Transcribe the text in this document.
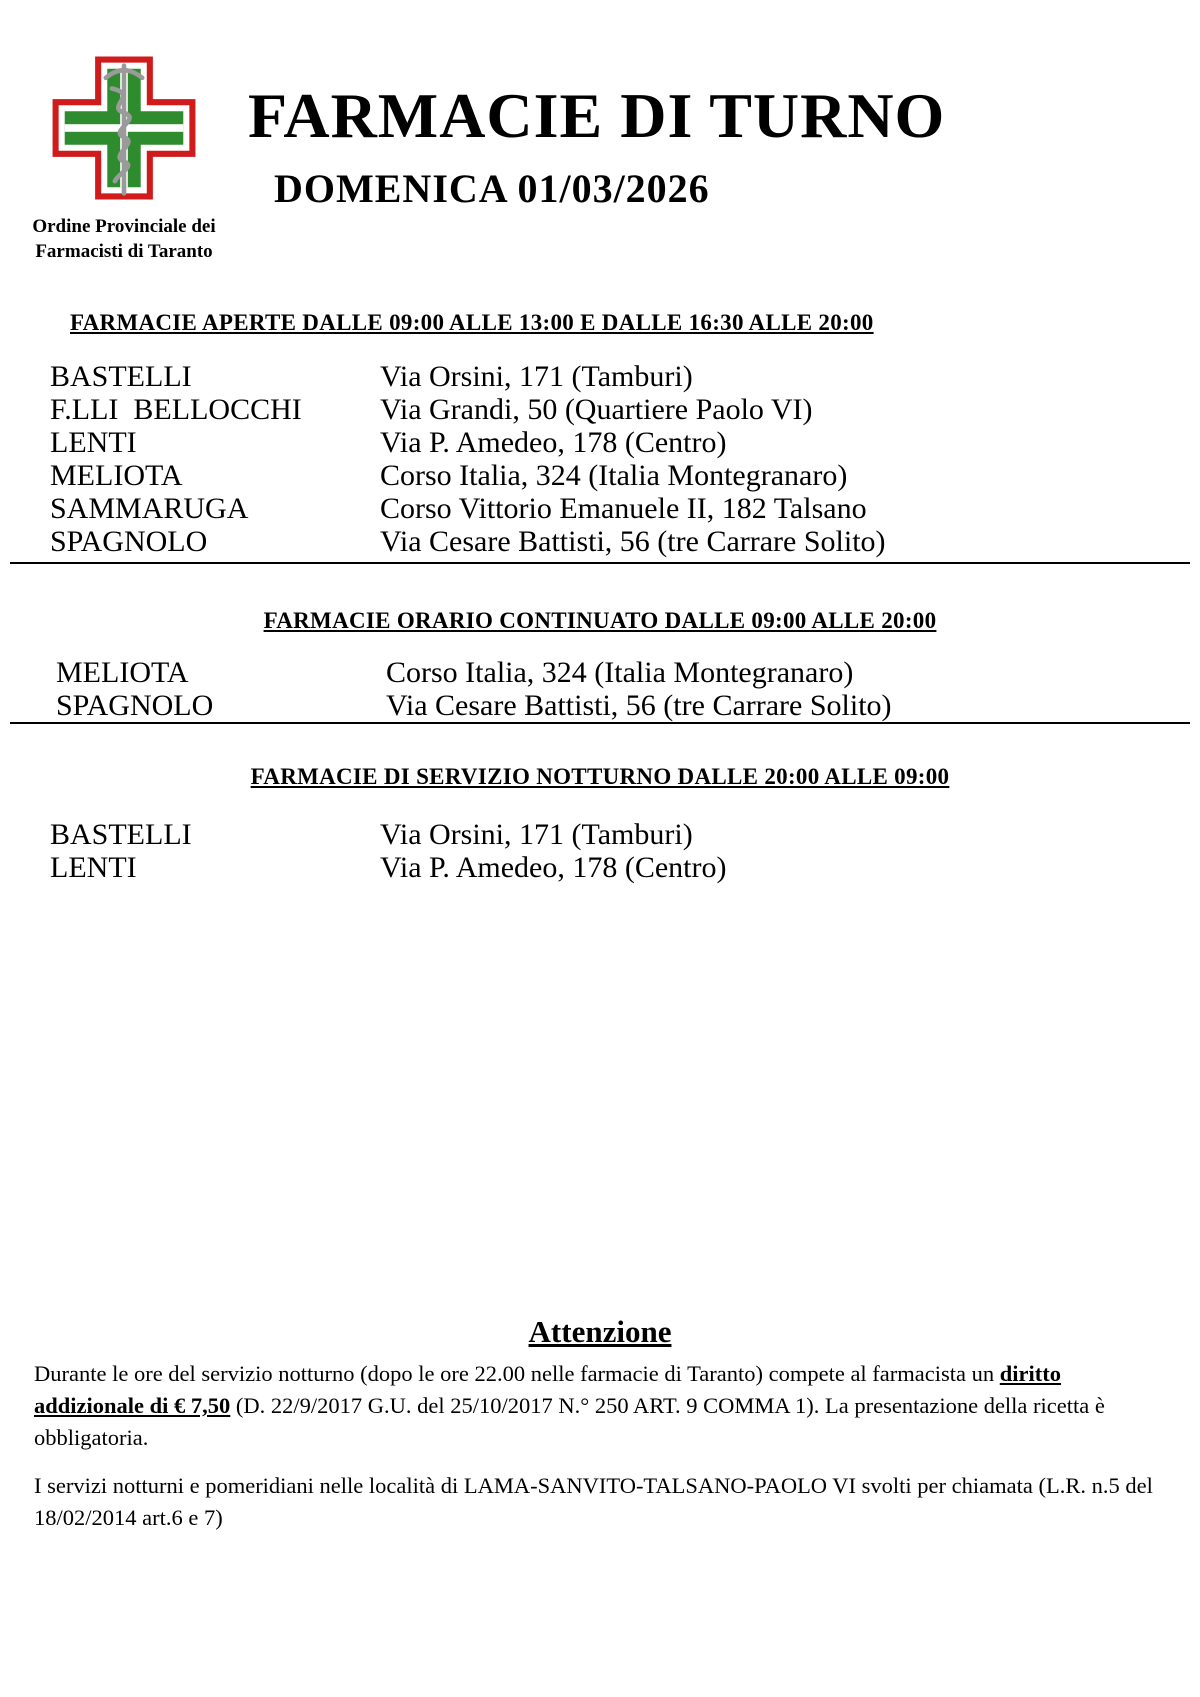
Ordine Provinciale dei Farmacisti di Taranto
FARMACIE DI TURNO
DOMENICA 01/03/2026
FARMACIE APERTE DALLE 09:00 ALLE 13:00 E DALLE 16:30 ALLE 20:00
BASTELLI	Via Orsini, 171 (Tamburi)
F.LLI  BELLOCCHI	Via Grandi, 50 (Quartiere Paolo VI)
LENTI	Via P. Amedeo, 178 (Centro)
MELIOTA	Corso Italia, 324 (Italia Montegranaro)
SAMMARUGA	Corso Vittorio Emanuele II, 182 Talsano
SPAGNOLO	Via Cesare Battisti, 56 (tre Carrare Solito)
FARMACIE ORARIO CONTINUATO DALLE 09:00 ALLE 20:00
MELIOTA	Corso Italia, 324 (Italia Montegranaro)
SPAGNOLO	Via Cesare Battisti, 56 (tre Carrare Solito)
FARMACIE DI SERVIZIO NOTTURNO DALLE 20:00 ALLE 09:00
BASTELLI	Via Orsini, 171 (Tamburi)
LENTI	Via P. Amedeo, 178 (Centro)
Attenzione

Durante le ore del servizio notturno (dopo le ore 22.00 nelle farmacie di Taranto) compete al farmacista un diritto addizionale di € 7,50 (D. 22/9/2017 G.U. del 25/10/2017 N.° 250 ART. 9 COMMA 1). La presentazione della ricetta è obbligatoria.

I servizi notturni e pomeridiani nelle località di LAMA-SANVITO-TALSANO-PAOLO VI svolti per chiamata (L.R. n.5 del 18/02/2014 art.6 e 7)
